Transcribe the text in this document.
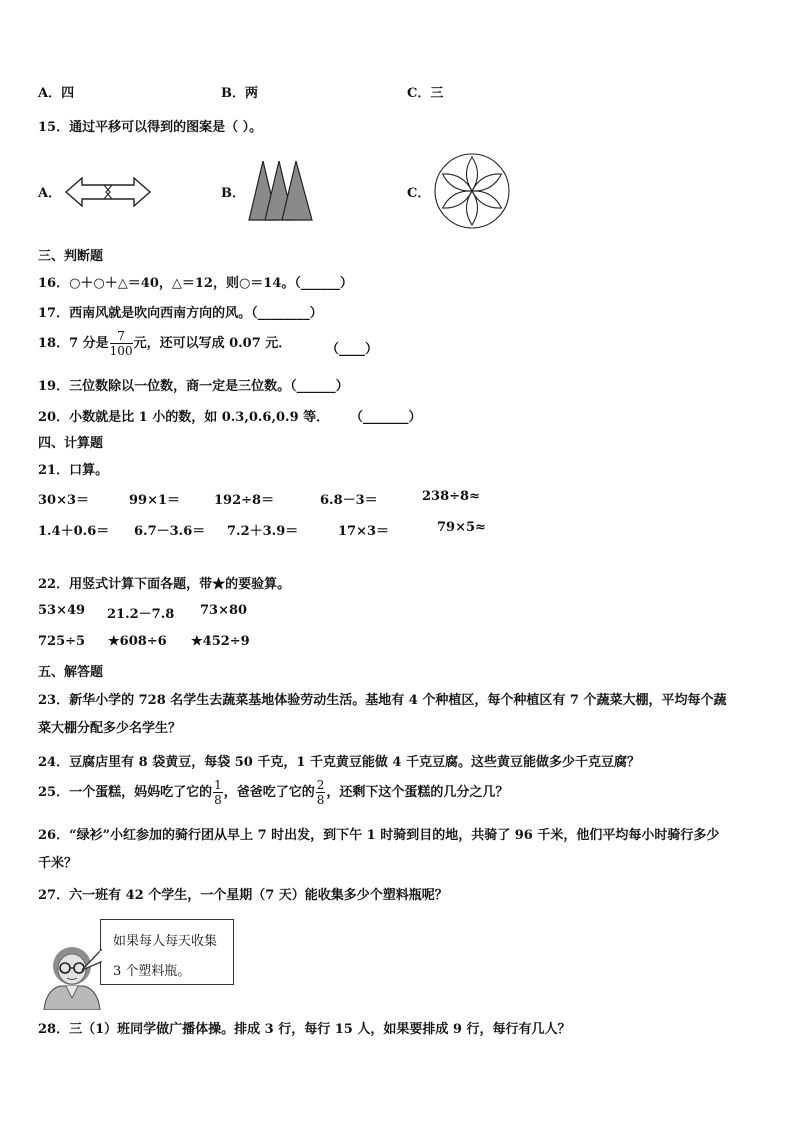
A．四	B．两	C．三
15．通过平移可以得到的图案是（ ）。
A．	B．	C．
三、判断题
16．○＋○＋△＝40，△＝12，则○＝14。（______）
17．西南风就是吹向西南方向的风。（________）
18．7 分是 $\frac{7}{100}$ 元，还可以写成 0.07 元．	（____）
19．三位数除以一位数，商一定是三位数。（______）
20．小数就是比 1 小的数，如 0.3,0.6,0.9 等． （_______）
四、计算题
21．口算。
30×3＝	99×1＝	192÷8＝	6.8－3＝	238÷8≈
1.4＋0.6＝ 6.7－3.6＝ 7.2＋3.9＝	17×3＝	79×5≈
22．用竖式计算下面各题，带★的要验算。
53×49 21.2－7.8 73×80
725÷5 ★608÷6 ★452÷9
五、解答题
23．新华小学的 728 名学生去蔬菜基地体验劳动生活。基地有 4 个种植区，每个种植区有 7 个蔬菜大棚，平均每个蔬
菜大棚分配多少名学生？
24．豆腐店里有 8 袋黄豆，每袋 50 千克，1 千克黄豆能做 4 千克豆腐。这些黄豆能做多少千克豆腐？
25．一个蛋糕，妈妈吃了它的 $\frac{1}{8}$ ，爸爸吃了它的 $\frac{2}{8}$ ，还剩下这个蛋糕的几分之几？
26．“绿衫”小红参加的骑行团从早上 7 时出发，到下午 1 时骑到目的地，共骑了 96 千米，他们平均每小时骑行多少
千米？
27．六一班有 42 个学生，一个星期（7 天）能收集多少个塑料瓶呢？
如果每人每天收集
3 个塑料瓶。
28．三（1）班同学做广播体操。排成 3 行，每行 15 人，如果要排成 9 行，每行有几人？
